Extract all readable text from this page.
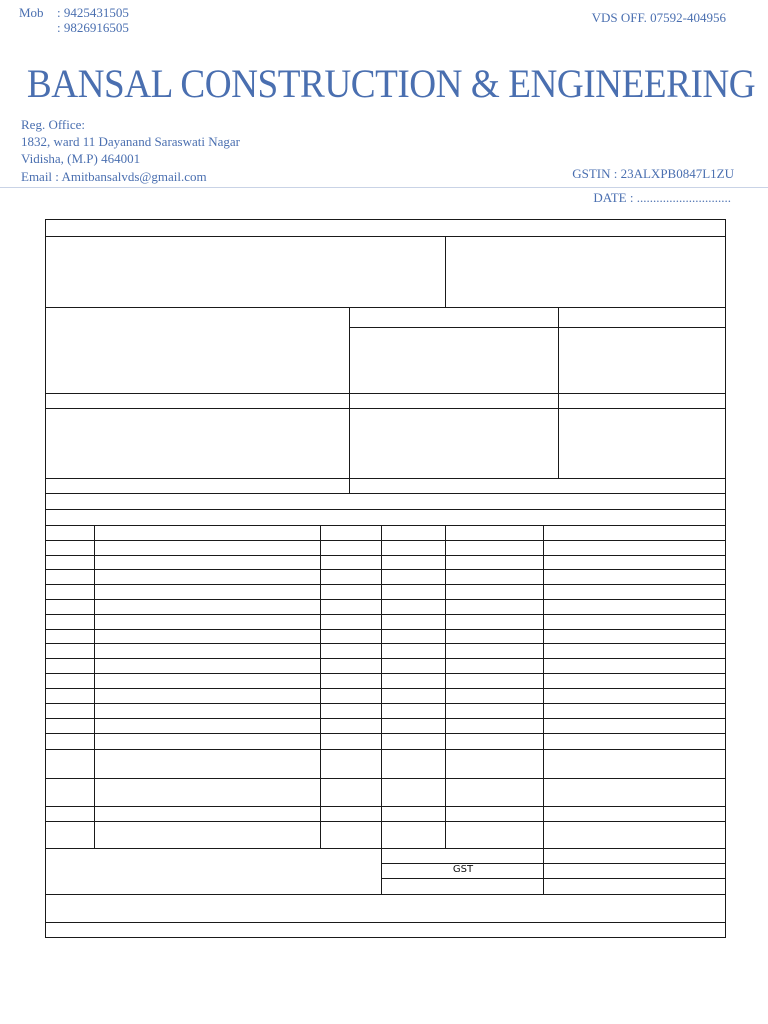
Mob : 9425431505
: 9826916505
VDS OFF. 07592-404956
BANSAL CONSTRUCTION & ENGINEERING
Reg. Office:
1832, ward 11 Dayanand Saraswati Nagar
Vidisha, (M.P) 464001
Email : Amitbansalvds@gmail.com	GSTIN : 23ALXPB0847L1ZU
DATE : .............................
GST
